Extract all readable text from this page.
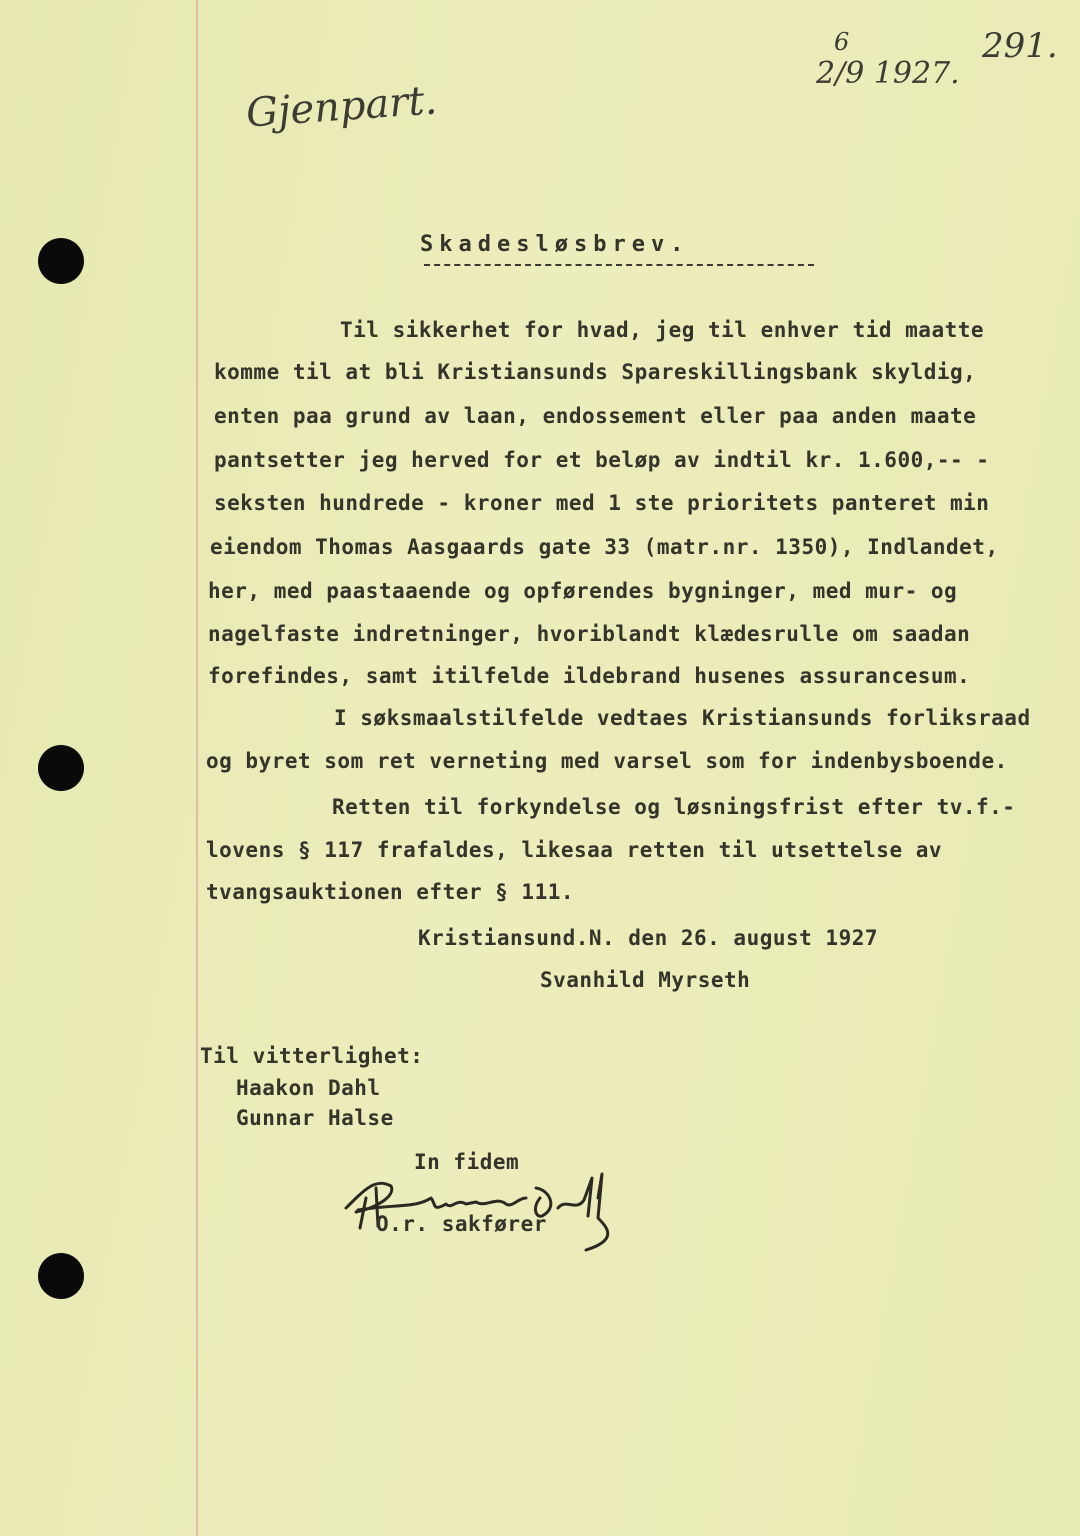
291.
6
2/9 1927.
Gjenpart.
Skadesløsbrev.
Til sikkerhet for hvad, jeg til enhver tid maatte
komme til at bli Kristiansunds Spareskillingsbank skyldig,
enten paa grund av laan, endossement eller paa anden maate
pantsetter jeg herved for et beløp av indtil kr. 1.600,-- -
seksten hundrede - kroner med 1 ste prioritets panteret min
eiendom Thomas Aasgaards gate 33 (matr.nr. 1350), Indlandet,
her, med paastaaende og opførendes bygninger, med mur- og
nagelfaste indretninger, hvoriblandt klædesrulle om saadan
forefindes, samt itilfelde ildebrand husenes assurancesum.
I søksmaalstilfelde vedtaes Kristiansunds forliksraad
og byret som ret verneting med varsel som for indenbysboende.
Retten til forkyndelse og løsningsfrist efter tv.f.-
lovens § 117 frafaldes, likesaa retten til utsettelse av
tvangsauktionen efter § 111.
Kristiansund.N. den 26. august 1927
Svanhild Myrseth
Til vitterlighet:
Haakon Dahl
Gunnar Halse
In fidem
O.r. sakfører
